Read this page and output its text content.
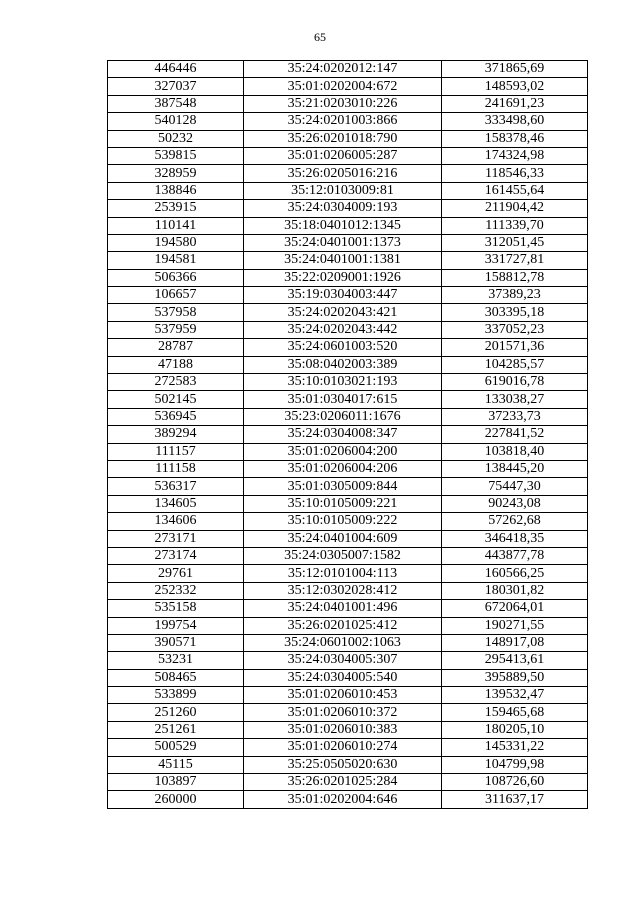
65
446446	35:24:0202012:147	371865,69
327037	35:01:0202004:672	148593,02
387548	35:21:0203010:226	241691,23
540128	35:24:0201003:866	333498,60
50232	35:26:0201018:790	158378,46
539815	35:01:0206005:287	174324,98
328959	35:26:0205016:216	118546,33
138846	35:12:0103009:81	161455,64
253915	35:24:0304009:193	211904,42
110141	35:18:0401012:1345	111339,70
194580	35:24:0401001:1373	312051,45
194581	35:24:0401001:1381	331727,81
506366	35:22:0209001:1926	158812,78
106657	35:19:0304003:447	37389,23
537958	35:24:0202043:421	303395,18
537959	35:24:0202043:442	337052,23
28787	35:24:0601003:520	201571,36
47188	35:08:0402003:389	104285,57
272583	35:10:0103021:193	619016,78
502145	35:01:0304017:615	133038,27
536945	35:23:0206011:1676	37233,73
389294	35:24:0304008:347	227841,52
111157	35:01:0206004:200	103818,40
111158	35:01:0206004:206	138445,20
536317	35:01:0305009:844	75447,30
134605	35:10:0105009:221	90243,08
134606	35:10:0105009:222	57262,68
273171	35:24:0401004:609	346418,35
273174	35:24:0305007:1582	443877,78
29761	35:12:0101004:113	160566,25
252332	35:12:0302028:412	180301,82
535158	35:24:0401001:496	672064,01
199754	35:26:0201025:412	190271,55
390571	35:24:0601002:1063	148917,08
53231	35:24:0304005:307	295413,61
508465	35:24:0304005:540	395889,50
533899	35:01:0206010:453	139532,47
251260	35:01:0206010:372	159465,68
251261	35:01:0206010:383	180205,10
500529	35:01:0206010:274	145331,22
45115	35:25:0505020:630	104799,98
103897	35:26:0201025:284	108726,60
260000	35:01:0202004:646	311637,17
